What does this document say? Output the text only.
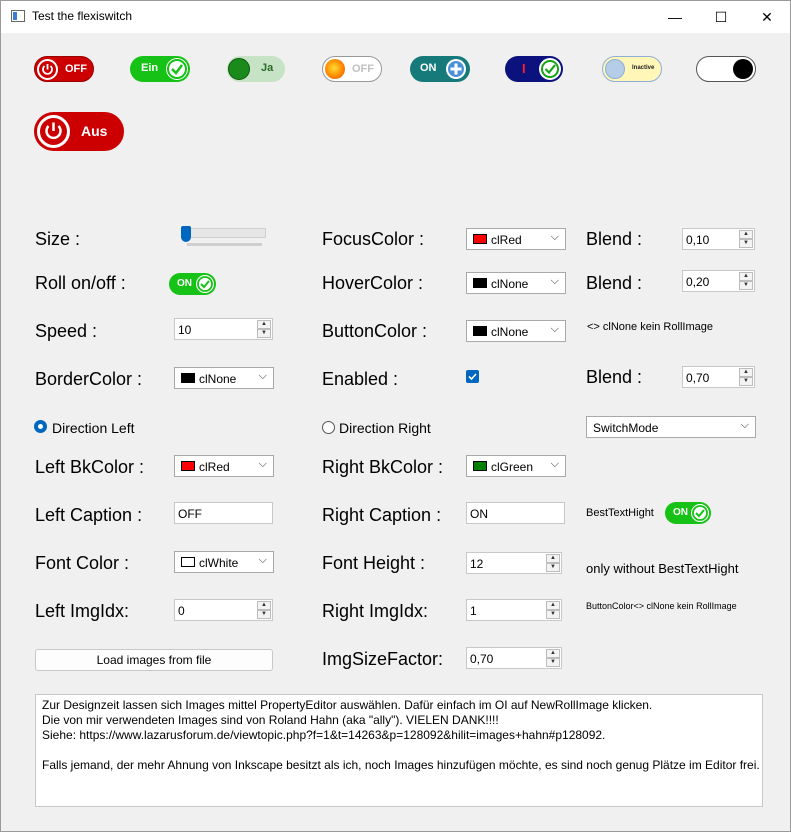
Test the flexiswitch	—	☐	✕
OFF	Ein	Ja	OFF	ON	I	Inactive
Aus
Size :
Roll on/off :	ON
Speed :	10	▲
▼
BorderColor :	clNone ⌵
Direction Left
Left BkColor :	clRed	⌵
Left Caption :	OFF
Font Color :	clWhite ⌵
Left ImgIdx:	0	▲
▼
Load images from file
FocusColor :	clRed	⌵
HoverColor :	clNone ⌵
ButtonColor :	clNone ⌵
Enabled :
Direction Right
Right BkColor :	clGreen ⌵
Right Caption : ON
Font Height :	12	▲
▼
Right ImgIdx:	1	▲
▼
ImgSizeFactor: 0,70	▲
▼
Blend :	0,10	▲
▼
Blend :	0,20	▲
▼
<> clNone kein RollImage
Blend :	0,70	▲
▼
SwitchMode	⌵
BestTextHight ON
only without BestTextHight
ButtonColor<> clNone kein RollImage
Zur Designzeit lassen sich Images mittel PropertyEditor auswählen. Dafür einfach im OI auf NewRollImage klicken.
Die von mir verwendeten Images sind von Roland Hahn (aka "ally"). VIELEN DANK!!!!
Siehe: https://www.lazarusforum.de/viewtopic.php?f=1&t=14263&p=128092&hilit=images+hahn#p128092.
Falls jemand, der mehr Ahnung von Inkscape besitzt als ich, noch Images hinzufügen möchte, es sind noch genug Plätze im Editor frei.
